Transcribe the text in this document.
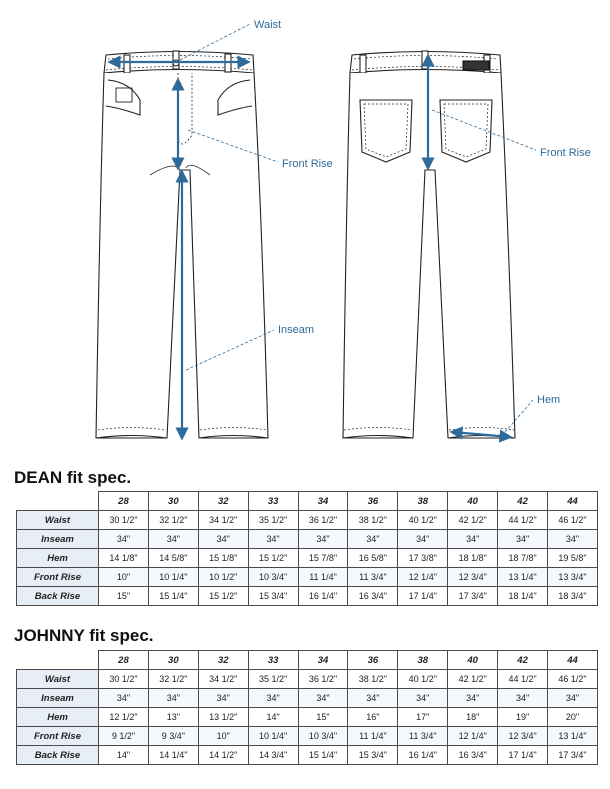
Waist
Front Rise
Front Rise
Inseam
Hem
DEAN fit spec.
	28	30	32	33	34	36	38	40	42	44
Waist	30 1/2"	32 1/2"	34 1/2"	35 1/2"	36 1/2"	38 1/2"	40 1/2"	42 1/2"	44 1/2"	46 1/2"
Inseam	34"	34"	34"	34"	34"	34"	34"	34"	34"	34"
Hem	14 1/8"	14 5/8"	15 1/8"	15 1/2"	15 7/8"	16 5/8"	17 3/8"	18 1/8"	18 7/8"	19 5/8"
Front Rise	10"	10 1/4"	10 1/2"	10 3/4"	11 1/4"	11 3/4"	12 1/4"	12 3/4"	13 1/4"	13 3/4"
Back Rise	15"	15 1/4"	15 1/2"	15 3/4"	16 1/4"	16 3/4"	17 1/4"	17 3/4"	18 1/4"	18 3/4"
JOHNNY fit spec.
	28	30	32	33	34	36	38	40	42	44
Waist	30 1/2"	32 1/2"	34 1/2"	35 1/2"	36 1/2"	38 1/2"	40 1/2"	42 1/2"	44 1/2"	46 1/2"
Inseam	34"	34"	34"	34"	34"	34"	34"	34"	34"	34"
Hem	12 1/2"	13"	13 1/2"	14"	15"	16"	17"	18"	19"	20"
Front Rise	9 1/2"	9 3/4"	10"	10 1/4"	10 3/4"	11 1/4"	11 3/4"	12 1/4"	12 3/4"	13 1/4"
Back Rise	14"	14 1/4"	14 1/2"	14 3/4"	15 1/4"	15 3/4"	16 1/4"	16 3/4"	17 1/4"	17 3/4"
